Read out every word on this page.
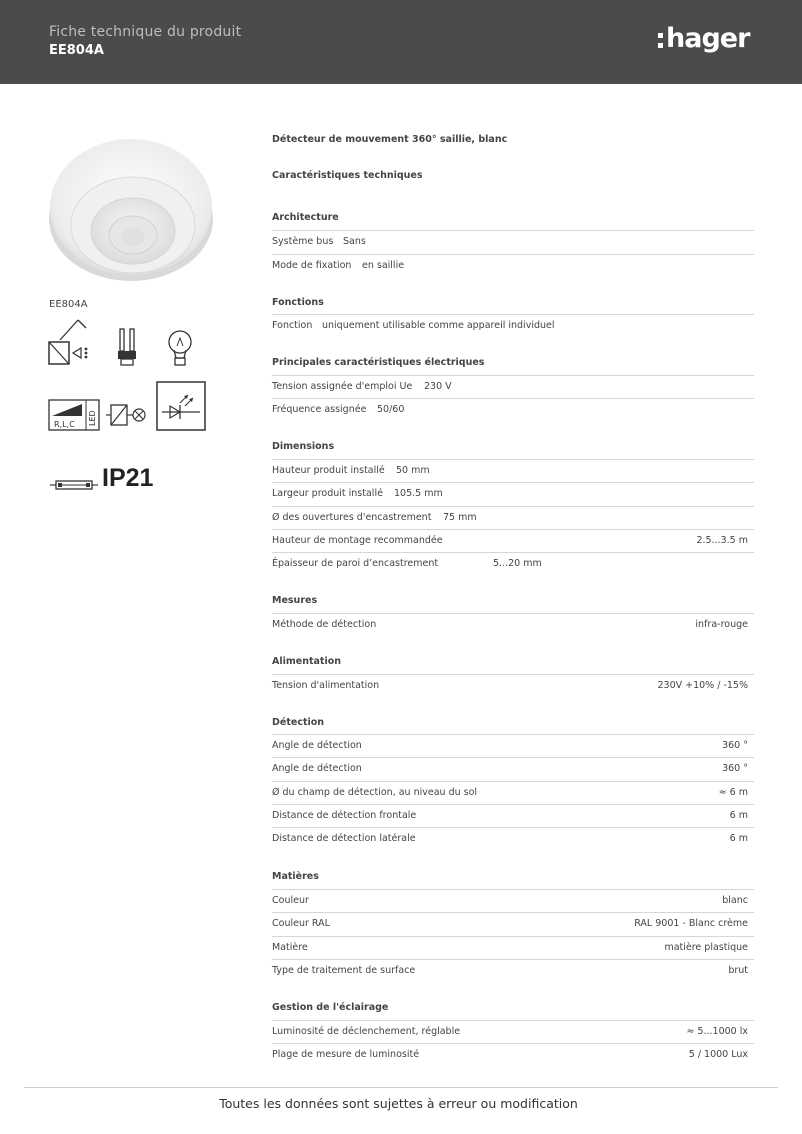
Fiche technique du produit
EE804A	hager
EE804A
R,L,C LED
IP21
Détecteur de mouvement 360° saillie, blanc
Caractéristiques techniques
Architecture
Système bus Sans
Mode de fixation en saillie
Fonctions
Fonction uniquement utilisable comme appareil individuel
Principales caractéristiques électriques
Tension assignée d'emploi Ue 230 V
Fréquence assignée 50/60
Dimensions
Hauteur produit installé 50 mm
Largeur produit installé 105.5 mm
Ø des ouvertures d'encastrement 75 mm
Hauteur de montage recommandée	2.5...3.5 m
Épaisseur de paroi d’encastrement	5...20 mm
Mesures
Méthode de détection	infra-rouge
Alimentation
Tension d'alimentation	230V +10% / -15%
Détection
Angle de détection	360 °
Angle de détection	360 °
Ø du champ de détection, au niveau du sol	≈ 6 m
Distance de détection frontale	6 m
Distance de détection latérale	6 m
Matières
Couleur	blanc
Couleur RAL	RAL 9001 - Blanc crème
Matière	matière plastique
Type de traitement de surface	brut
Gestion de l'éclairage
Luminosité de déclenchement, réglable	≈ 5...1000 lx
Plage de mesure de luminosité	5 / 1000 Lux
Toutes les données sont sujettes à erreur ou modification
